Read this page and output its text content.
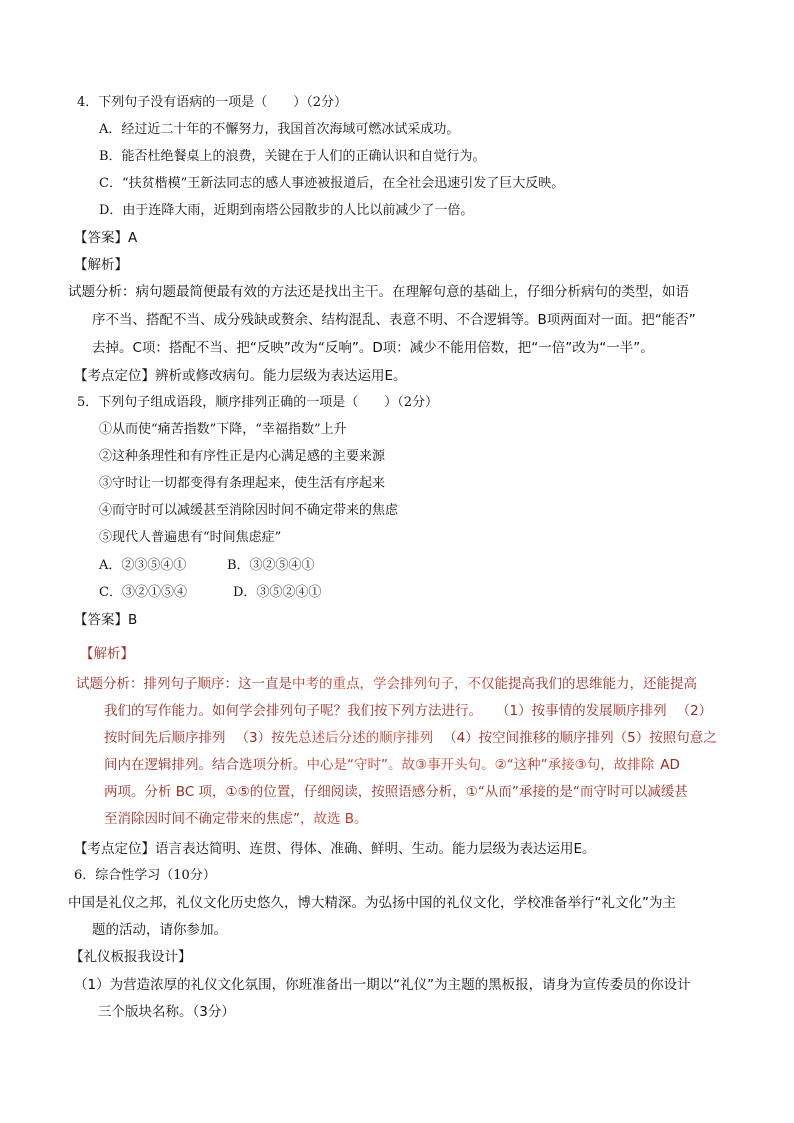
4．下列句子没有语病的一项是（　　）（2分）
A．经过近二十年的不懈努力，我国首次海域可燃冰试采成功。
B．能否杜绝餐桌上的浪费，关键在于人们的正确认识和自觉行为。
C．“扶贫楷模”王新法同志的感人事迹被报道后，在全社会迅速引发了巨大反映。
D．由于连降大雨，近期到南塔公园散步的人比以前减少了一倍。
【答案】A
【解析】
试题分析：病句题最简便最有效的方法还是找出主干。在理解句意的基础上，仔细分析病句的类型，如语
序不当、搭配不当、成分残缺或赘余、结构混乱、表意不明、不合逻辑等。B项两面对一面。把“能否”
去掉。C项：搭配不当、把“反映”改为“反响”。D项：减少不能用倍数，把“一倍”改为“一半”。
【考点定位】辨析或修改病句。能力层级为表达运用E。
5．下列句子组成语段，顺序排列正确的一项是（　　）（2分）
①从而使“痛苦指数”下降，“幸福指数”上升
②这种条理性和有序性正是内心满足感的主要来源
③守时让一切都变得有条理起来，使生活有序起来
④而守时可以减缓甚至消除因时间不确定带来的焦虑
⑤现代人普遍患有“时间焦虑症”
A．②③⑤④①	B．③②⑤④①
C．③②①⑤④	D．③⑤②④①
【答案】B
【解析】
试题分析：排列句子顺序：这一直是中考的重点，学会排列句子，不仅能提高我们的思维能力，还能提高
我们的写作能力。如何学会排列句子呢？我们按下列方法进行。 （1）按事情的发展顺序排列 （2）
按时间先后顺序排列 （3）按先总述后分述的顺序排列 （4）按空间推移的顺序排列（5）按照句意之
间内在逻辑排列。结合选项分析。中心是“守时”。故③事开头句。②“这种”承接③句，故排除 AD
两项。分析 BC 项，①⑤的位置，仔细阅读，按照语感分析，①“从而”承接的是“而守时可以减缓甚
至消除因时间不确定带来的焦虑”，故选 B。
【考点定位】语言表达简明、连贯、得体、准确、鲜明、生动。能力层级为表达运用E。
6．综合性学习（10分）
中国是礼仪之邦，礼仪文化历史悠久，博大精深。为弘扬中国的礼仪文化，学校准备举行“礼文化”为主
题的活动，请你参加。
【礼仪板报我设计】
（1）为营造浓厚的礼仪文化氛围，你班准备出一期以“礼仪”为主题的黑板报，请身为宣传委员的你设计
三个版块名称。（3分）
